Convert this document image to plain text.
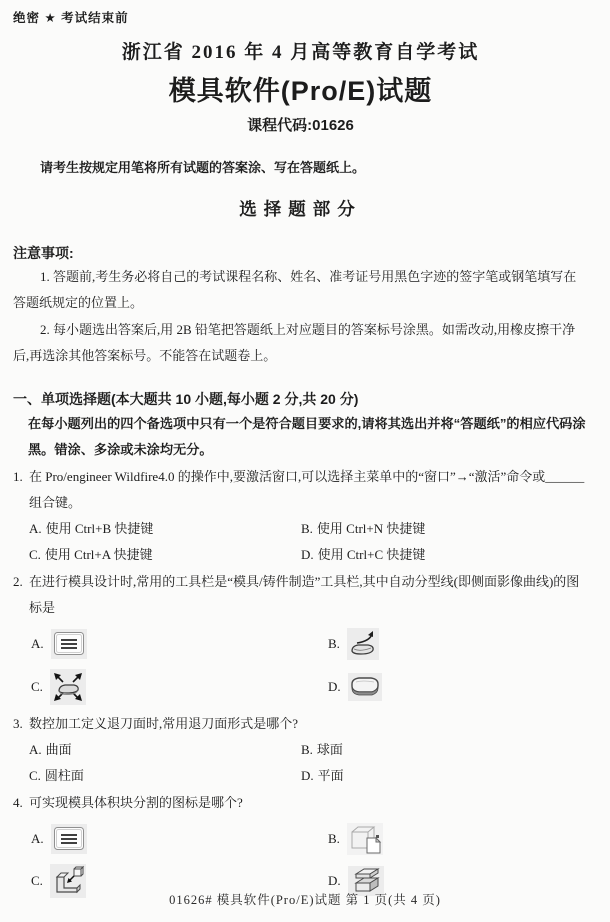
绝密 ★ 考试结束前
浙江省 2016 年 4 月高等教育自学考试
模具软件(Pro/E)试题
课程代码:01626
请考生按规定用笔将所有试题的答案涂、写在答题纸上。
选择题部分
注意事项:

1. 答题前,考生务必将自己的考试课程名称、姓名、准考证号用黑色字迹的签字笔或钢笔填写在答题纸规定的位置上。

2. 每小题选出答案后,用 2B 铅笔把答题纸上对应题目的答案标号涂黑。如需改动,用橡皮擦干净后,再选涂其他答案标号。不能答在试题卷上。

一、单项选择题(本大题共 10 小题,每小题 2 分,共 20 分)
在每小题列出的四个备选项中只有一个是符合题目要求的,请将其选出并将“答题纸”的相应代码涂黑。错涂、多涂或未涂均无分。

1. 在 Pro/engineer Wildfire4.0 的操作中,要激活窗口,可以选择主菜单中的“窗口”→“激活”命令或______组合键。

A. 使用 Ctrl+B 快捷键	B. 使用 Ctrl+N 快捷键
C. 使用 Ctrl+A 快捷键	D. 使用 Ctrl+C 快捷键

2. 在进行模具设计时,常用的工具栏是“模具/铸件制造”工具栏,其中自动分型线(即侧面影像曲线)的图标是

A.	B.
C.	D.

3. 数控加工定义退刀面时,常用退刀面形式是哪个?

A. 曲面	B. 球面
C. 圆柱面	D. 平面

4. 可实现模具体积块分割的图标是哪个?

A.	B.
C.	D.
01626# 模具软件(Pro/E)试题 第 1 页(共 4 页)
